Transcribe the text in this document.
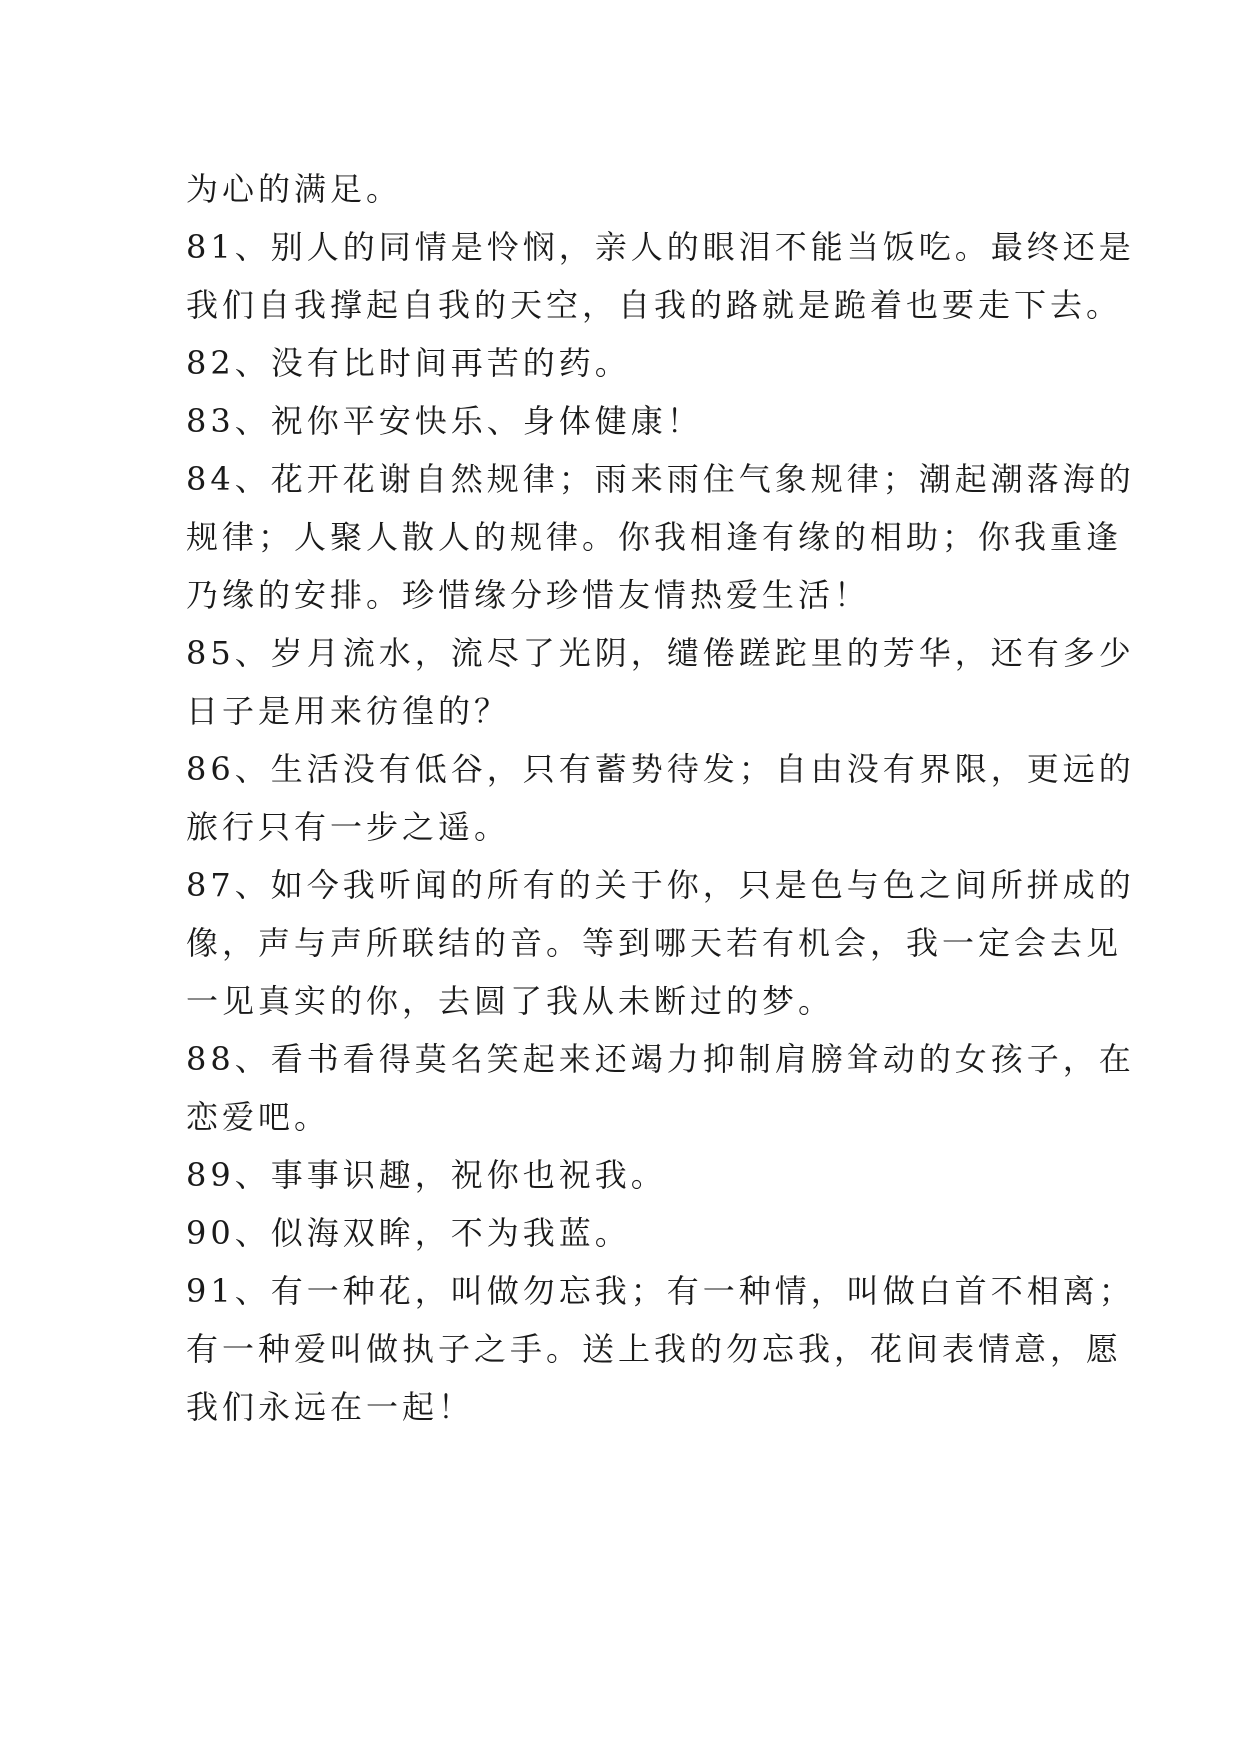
为心的满足。
81、别人的同情是怜悯，亲人的眼泪不能当饭吃。最终还是
我们自我撑起自我的天空，自我的路就是跪着也要走下去。
82、没有比时间再苦的药。
83、祝你平安快乐、身体健康！
84、花开花谢自然规律；雨来雨住气象规律；潮起潮落海的
规律；人聚人散人的规律。你我相逢有缘的相助；你我重逢
乃缘的安排。珍惜缘分珍惜友情热爱生活！
85、岁月流水，流尽了光阴，缱倦蹉跎里的芳华，还有多少
日子是用来彷徨的？
86、生活没有低谷，只有蓄势待发；自由没有界限，更远的
旅行只有一步之遥。
87、如今我听闻的所有的关于你，只是色与色之间所拼成的
像，声与声所联结的音。等到哪天若有机会，我一定会去见
一见真实的你，去圆了我从未断过的梦。
88、看书看得莫名笑起来还竭力抑制肩膀耸动的女孩子，在
恋爱吧。
89、事事识趣，祝你也祝我。
90、似海双眸，不为我蓝。
91、有一种花，叫做勿忘我；有一种情，叫做白首不相离；
有一种爱叫做执子之手。送上我的勿忘我，花间表情意，愿
我们永远在一起！
